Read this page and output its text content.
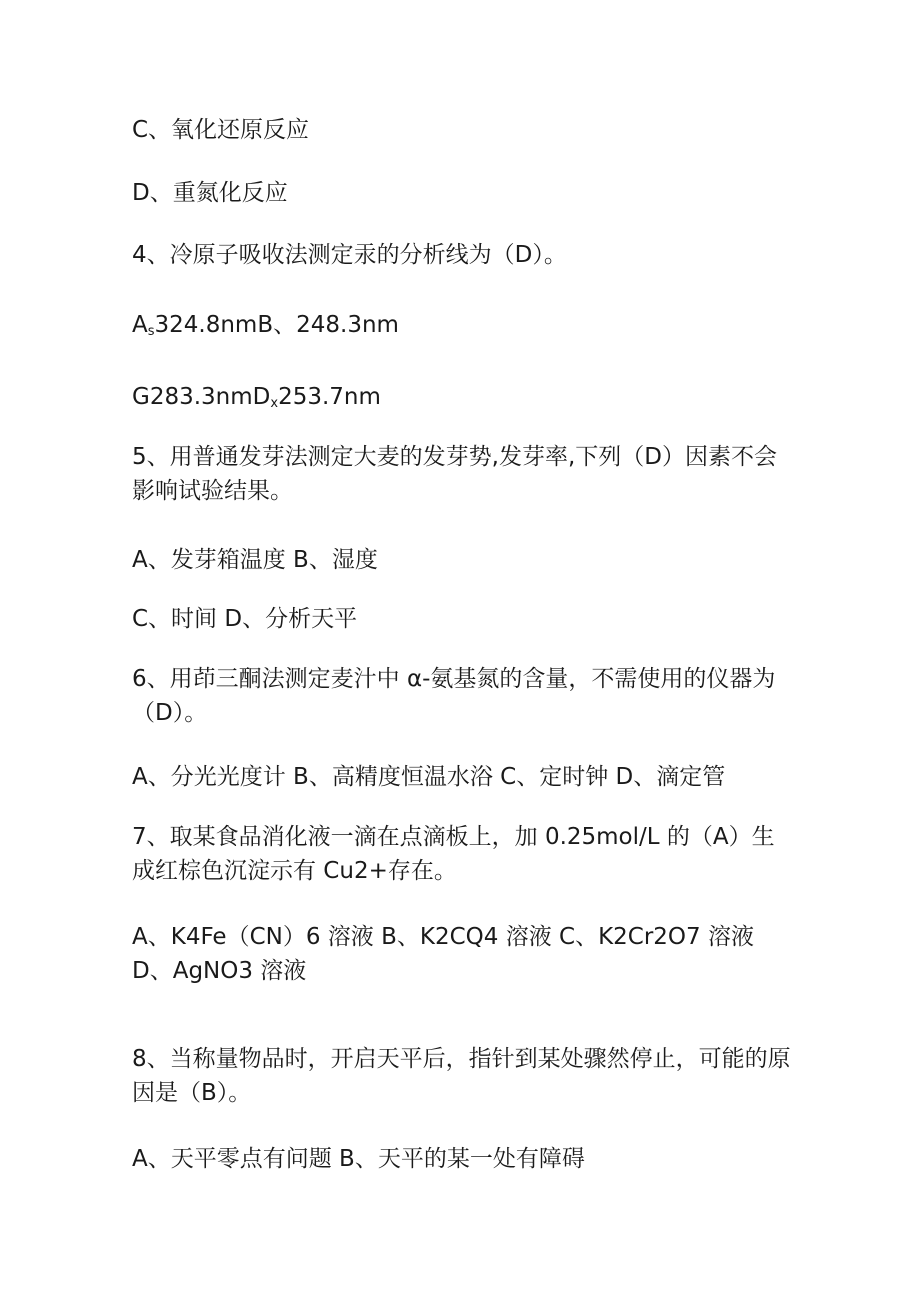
C、氧化还原反应
D、重氮化反应
4、冷原子吸收法测定汞的分析线为（D）。
$A_s324.8nmB$、248.3nm
G283.3nmD$_x$253.7nm
5、用普通发芽法测定大麦的发芽势,发芽率,下列（D）因素不会影响试验结果。
A、发芽箱温度 B、湿度
C、时间 D、分析天平
6、用茚三酮法测定麦汁中 α-氨基氮的含量，不需使用的仪器为（D）。
A、分光光度计 B、高精度恒温水浴 C、定时钟 D、滴定管
7、取某食品消化液一滴在点滴板上，加 0.25mol/L 的（A）生成红棕色沉淀示有 Cu2+存在。
A、K4Fe（CN）6 溶液 B、K2CQ4 溶液 C、K2Cr2O7 溶液 D、AgNO3 溶液
8、当称量物品时，开启天平后，指针到某处骤然停止，可能的原因是（B）。
A、天平零点有问题 B、天平的某一处有障碍
